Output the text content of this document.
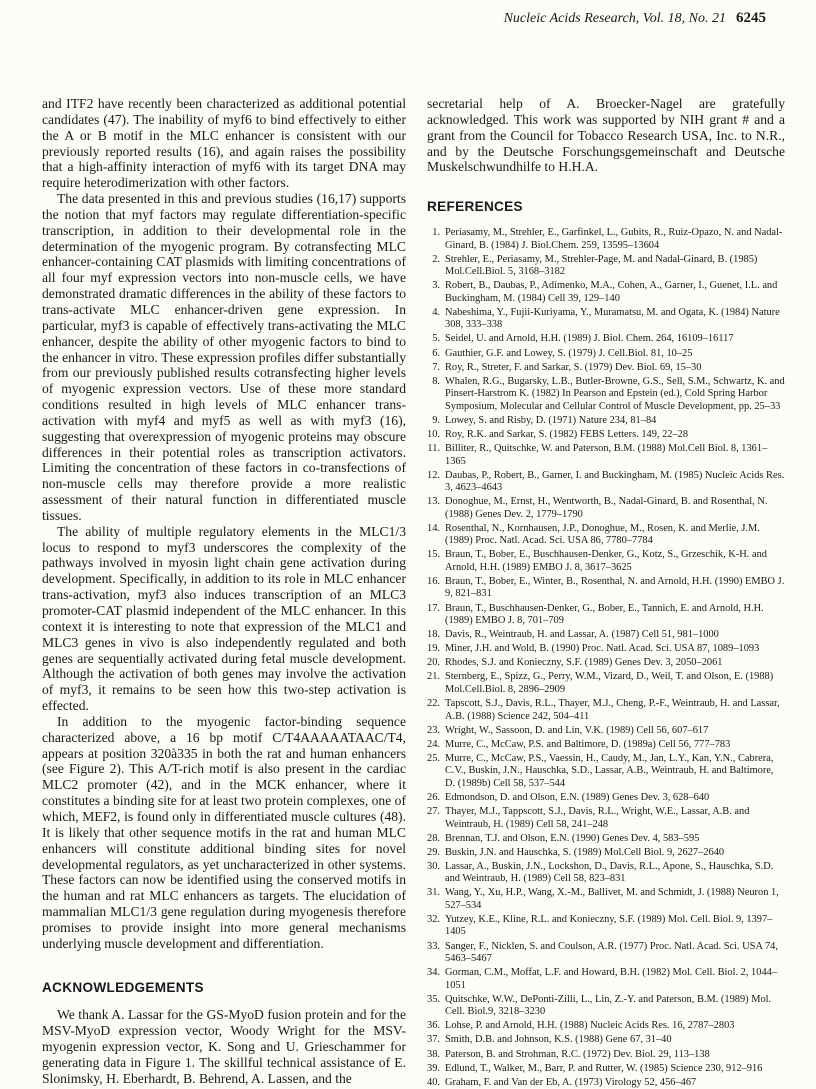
Nucleic Acids Research, Vol. 18, No. 21 6245

and ITF2 have recently been characterized as additional potential candidates (47). The inability of myf6 to bind effectively to either the A or B motif in the MLC enhancer is consistent with our previously reported results (16), and again raises the possibility that a high-affinity interaction of myf6 with its target DNA may require heterodimerization with other factors.

The data presented in this and previous studies (16,17) supports the notion that myf factors may regulate differentiation-specific transcription, in addition to their developmental role in the determination of the myogenic program. By cotransfecting MLC enhancer-containing CAT plasmids with limiting concentrations of all four myf expression vectors into non-muscle cells, we have demonstrated dramatic differences in the ability of these factors to trans-activate MLC enhancer-driven gene expression. In particular, myf3 is capable of effectively trans-activating the MLC enhancer, despite the ability of other myogenic factors to bind to the enhancer in vitro. These expression profiles differ substantially from our previously published results cotransfecting higher levels of myogenic expression vectors. Use of these more standard conditions resulted in high levels of MLC enhancer trans-activation with myf4 and myf5 as well as with myf3 (16), suggesting that overexpression of myogenic proteins may obscure differences in their potential roles as transcription activators. Limiting the concentration of these factors in co-transfections of non-muscle cells may therefore provide a more realistic assessment of their natural function in differentiated muscle tissues.

The ability of multiple regulatory elements in the MLC1/3 locus to respond to myf3 underscores the complexity of the pathways involved in myosin light chain gene activation during development. Specifically, in addition to its role in MLC enhancer trans-activation, myf3 also induces transcription of an MLC3 promoter-CAT plasmid independent of the MLC enhancer. In this context it is interesting to note that expression of the MLC1 and MLC3 genes in vivo is also independently regulated and both genes are sequentially activated during fetal muscle development. Although the activation of both genes may involve the activation of myf3, it remains to be seen how this two-step activation is effected.

In addition to the myogenic factor-binding sequence characterized above, a 16 bp motif C/T4AAAAATAAC/T4, appears at position 320à335 in both the rat and human enhancers (see Figure 2). This A/T-rich motif is also present in the cardiac MLC2 promoter (42), and in the MCK enhancer, where it constitutes a binding site for at least two protein complexes, one of which, MEF2, is found only in differentiated muscle cultures (48). It is likely that other sequence motifs in the rat and human MLC enhancers will constitute additional binding sites for novel developmental regulators, as yet uncharacterized in other systems. These factors can now be identified using the conserved motifs in the human and rat MLC enhancers as targets. The elucidation of mammalian MLC1/3 gene regulation during myogenesis therefore promises to provide insight into more general mechanisms underlying muscle development and differentiation.

ACKNOWLEDGEMENTS

We thank A. Lassar for the GS-MyoD fusion protein and for the MSV-MyoD expression vector, Woody Wright for the MSV-myogenin expression vector, K. Song and U. Grieschammer for generating data in Figure 1. The skillful technical assistance of E. Slonimsky, H. Eberhardt, B. Behrend, A. Lassen, and the

secretarial help of A. Broecker-Nagel are gratefully acknowledged. This work was supported by NIH grant # and a grant from the Council for Tobacco Research USA, Inc. to N.R., and by the Deutsche Forschungsgemeinschaft and Deutsche Muskelschwundhilfe to H.H.A.

REFERENCES
1. Periasamy, M., Strehler, E., Garfinkel, L., Gubits, R., Ruiz-Opazo, N. and Nadal-Ginard, B. (1984) J. Biol.Chem. 259, 13595–13604
2. Strehler, E., Periasamy, M., Strehler-Page, M. and Nadal-Ginard, B. (1985) Mol.Cell.Biol. 5, 3168–3182
3. Robert, B., Daubas, P., Adimenko, M.A., Cohen, A., Garner, I., Guenet, I.L. and Buckingham, M. (1984) Cell 39, 129–140
4. Nabeshima, Y., Fujii-Kuriyama, Y., Muramatsu, M. and Ogata, K. (1984) Nature 308, 333–338
5. Seidel, U. and Arnold, H.H. (1989) J. Biol. Chem. 264, 16109–16117
6. Gauthier, G.F. and Lowey, S. (1979) J. Cell.Biol. 81, 10–25
7. Roy, R., Streter, F. and Sarkar, S. (1979) Dev. Biol. 69, 15–30
8. Whalen, R.G., Bugarsky, L.B., Butler-Browne, G.S., Sell, S.M., Schwartz, K. and Pinsert-Harstrom K. (1982) In Pearson and Epstein (ed.), Cold Spring Harbor Symposium, Molecular and Cellular Control of Muscle Development, pp. 25–33
9. Lowey, S. and Risby, D. (1971) Nature 234, 81–84
10. Roy, R.K. and Sarkar, S. (1982) FEBS Letters. 149, 22–28
11. Billiter, R., Quitschke, W. and Paterson, B.M. (1988) Mol.Cell Biol. 8, 1361–1365
12. Daubas, P., Robert, B., Garner, I. and Buckingham, M. (1985) Nucleic Acids Res. 3, 4623–4643
13. Donoghue, M., Ernst, H., Wentworth, B., Nadal-Ginard, B. and Rosenthal, N. (1988) Genes Dev. 2, 1779–1790
14. Rosenthal, N., Kornhausen, J.P., Donoghue, M., Rosen, K. and Merlie, J.M. (1989) Proc. Natl. Acad. Sci. USA 86, 7780–7784
15. Braun, T., Bober, E., Buschhausen-Denker, G., Kotz, S., Grzeschik, K-H. and Arnold, H.H. (1989) EMBO J. 8, 3617–3625
16. Braun, T., Bober, E., Winter, B., Rosenthal, N. and Arnold, H.H. (1990) EMBO J. 9, 821–831
17. Braun, T., Buschhausen-Denker, G., Bober, E., Tannich, E. and Arnold, H.H. (1989) EMBO J. 8, 701–709
18. Davis, R., Weintraub, H. and Lassar, A. (1987) Cell 51, 981–1000
19. Miner, J.H. and Wold, B. (1990) Proc. Natl. Acad. Sci. USA 87, 1089–1093
20. Rhodes, S.J. and Konieczny, S.F. (1989) Genes Dev. 3, 2050–2061
21. Sternberg, E., Spizz, G., Perry, W.M., Vizard, D., Weil, T. and Olson, E. (1988) Mol.Cell.Biol. 8, 2896–2909
22. Tapscott, S.J., Davis, R.L., Thayer, M.J., Cheng, P.-F., Weintraub, H. and Lassar, A.B. (1988) Science 242, 504–411
23. Wright, W., Sassoon, D. and Lin, V.K. (1989) Cell 56, 607–617
24. Murre, C., McCaw, P.S. and Baltimore, D. (1989a) Cell 56, 777–783
25. Murre, C., McCaw, P.S., Vaessin, H., Caudy, M., Jan, L.Y., Kan, Y.N., Cabrera, C.V., Buskin, J.N., Hauschka, S.D., Lassar, A.B., Weintraub, H. and Baltimore, D. (1989b) Cell 58, 537–544
26. Edmondson, D. and Olson, E.N. (1989) Genes Dev. 3, 628–640
27. Thayer, M.J., Tappscott, S.J., Davis, R.L., Wright, W.E., Lassar, A.B. and Weintraub, H. (1989) Cell 58, 241–248
28. Brennan, T.J. and Olson, E.N. (1990) Genes Dev. 4, 583–595
29. Buskin, J.N. and Hauschka, S. (1989) Mol.Cell Biol. 9, 2627–2640
30. Lassar, A., Buskin, J.N., Lockshon, D., Davis, R.L., Apone, S., Hauschka, S.D. and Weintraub, H. (1989) Cell 58, 823–831
31. Wang, Y., Xu, H.P., Wang, X.-M., Ballivet, M. and Schmidt, J. (1988) Neuron 1, 527–534
32. Yutzey, K.E., Kline, R.L. and Konieczny, S.F. (1989) Mol. Cell. Biol. 9, 1397–1405
33. Sanger, F., Nicklen, S. and Coulson, A.R. (1977) Proc. Natl. Acad. Sci. USA 74, 5463–5467
34. Gorman, C.M., Moffat, L.F. and Howard, B.H. (1982) Mol. Cell. Biol. 2, 1044–1051
35. Quitschke, W.W., DePonti-Zilli, L., Lin, Z.-Y. and Paterson, B.M. (1989) Mol. Cell. Biol.9, 3218–3230
36. Lohse, P. and Arnold, H.H. (1988) Nucleic Acids Res. 16, 2787–2803
37. Smith, D.B. and Johnson, K.S. (1988) Gene 67, 31–40
38. Paterson, B. and Strohman, R.C. (1972) Dev. Biol. 29, 113–138
39. Edlund, T., Walker, M., Barr, P. and Rutter, W. (1985) Science 230, 912–916
40. Graham, F. and Van der Eb, A. (1973) Virology 52, 456–467
